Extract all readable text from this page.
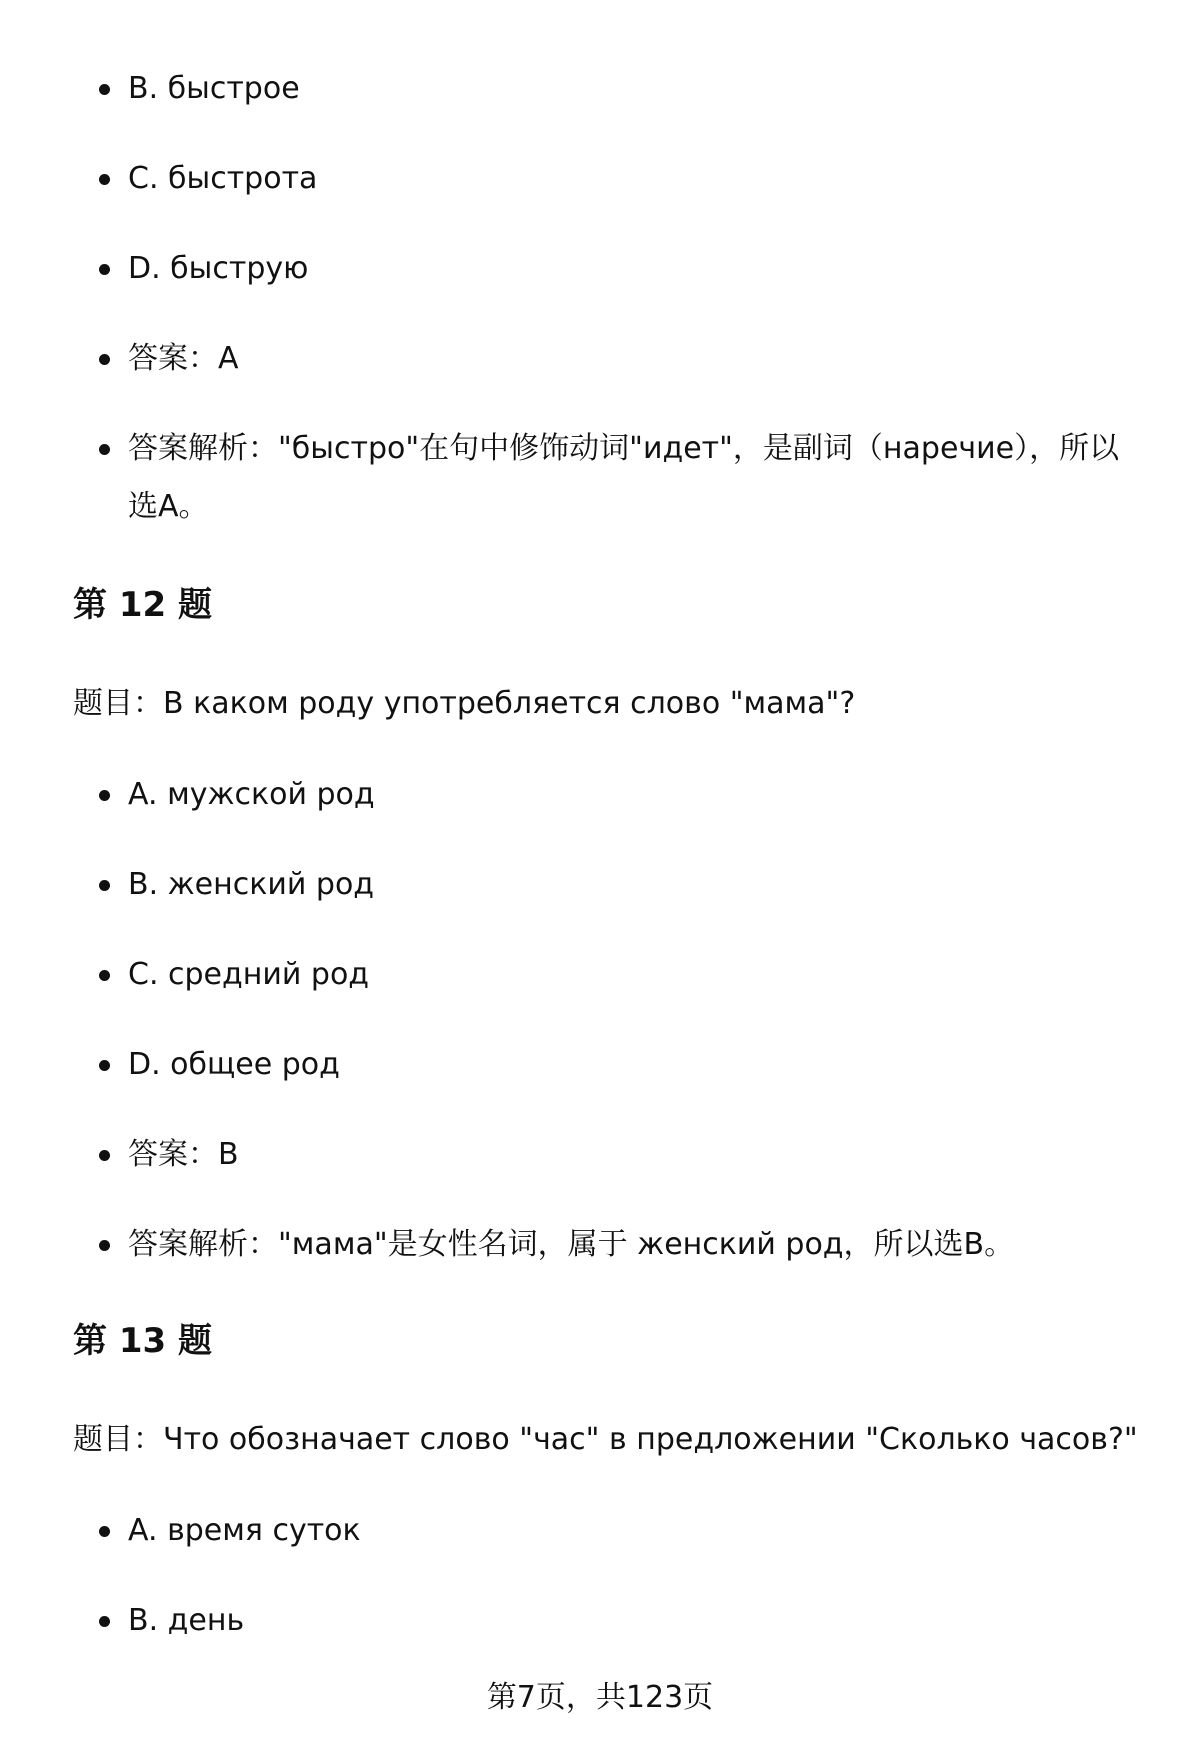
B. быстрое
C. быстрота
D. быструю
答案：A
答案解析："быстро"在句中修饰动词"идет"，是副词（наречие），所以选A。
第 12 题

题目：В каком роду употребляется слово "мама"?

A. мужской род
B. женский род
C. средний род
D. общее род
答案：B
答案解析："мама"是女性名词，属于 женский род，所以选B。
第 13 题

题目：Что обозначает слово "час" в предложении "Сколько часов?"

A. время суток
B. день
第7页，共123页
